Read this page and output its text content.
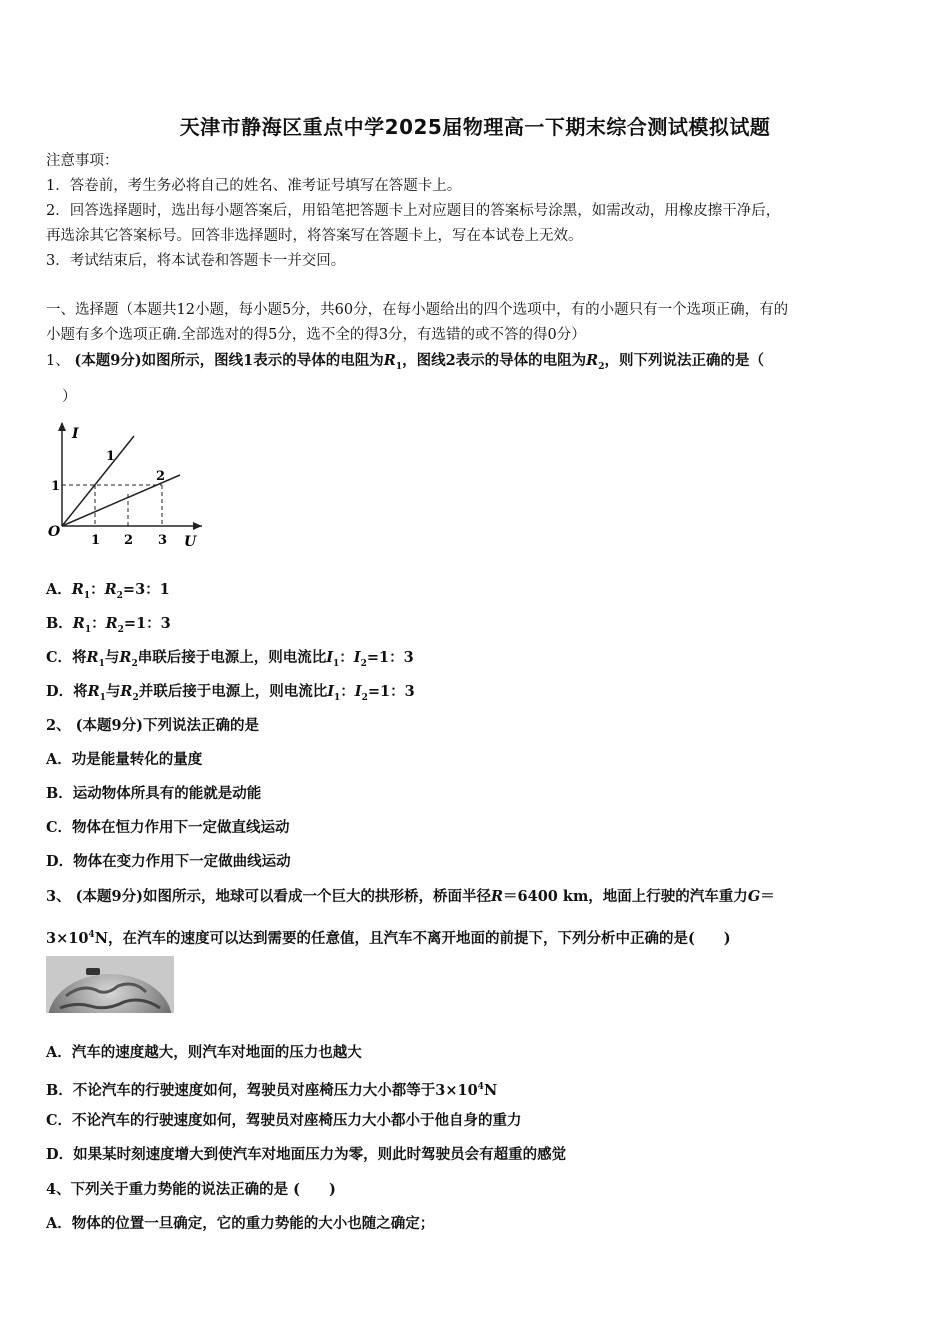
天津市静海区重点中学2025届物理高一下期末综合测试模拟试题
注意事项：
1．答卷前，考生务必将自己的姓名、准考证号填写在答题卡上。
2．回答选择题时，选出每小题答案后，用铅笔把答题卡上对应题目的答案标号涂黑，如需改动，用橡皮擦干净后，
再选涂其它答案标号。回答非选择题时，将答案写在答题卡上，写在本试卷上无效。
3．考试结束后，将本试卷和答题卡一并交回。
一、选择题（本题共12小题，每小题5分，共60分，在每小题给出的四个选项中，有的小题只有一个选项正确，有的
小题有多个选项正确.全部选对的得5分，选不全的得3分，有选错的或不答的得0分）
1、 (本题9分)如图所示，图线1表示的导体的电阻为$R_1$，图线2表示的导体的电阻为$R_2$，则下列说法正确的是（
）
I
U
O
1
1 2 3
1
2
A．$R_1$：$R_2=3$：1
B．$R_1$：$R_2=1$：3
C．将$R_1$与$R_2$串联后接于电源上，则电流比$I_1$：$I_2=1$：3
D．将$R_1$与$R_2$并联后接于电源上，则电流比$I_1$：$I_2=1$：3
2、 (本题9分)下列说法正确的是
A．功是能量转化的量度
B．运动物体所具有的能就是动能
C．物体在恒力作用下一定做直线运动
D．物体在变力作用下一定做曲线运动
3、 (本题9分)如图所示，地球可以看成一个巨大的拱形桥，桥面半径R＝6400 km，地面上行驶的汽车重力G＝
$3\times 10^4N$，在汽车的速度可以达到需要的任意值，且汽车不离开地面的前提下，下列分析中正确的是(　　)
A．汽车的速度越大，则汽车对地面的压力也越大
B．不论汽车的行驶速度如何，驾驶员对座椅压力大小都等于$3\times 10^4N$
C．不论汽车的行驶速度如何，驾驶员对座椅压力大小都小于他自身的重力
D．如果某时刻速度增大到使汽车对地面压力为零，则此时驾驶员会有超重的感觉
4、下列关于重力势能的说法正确的是 (　　)
A．物体的位置一旦确定，它的重力势能的大小也随之确定；
